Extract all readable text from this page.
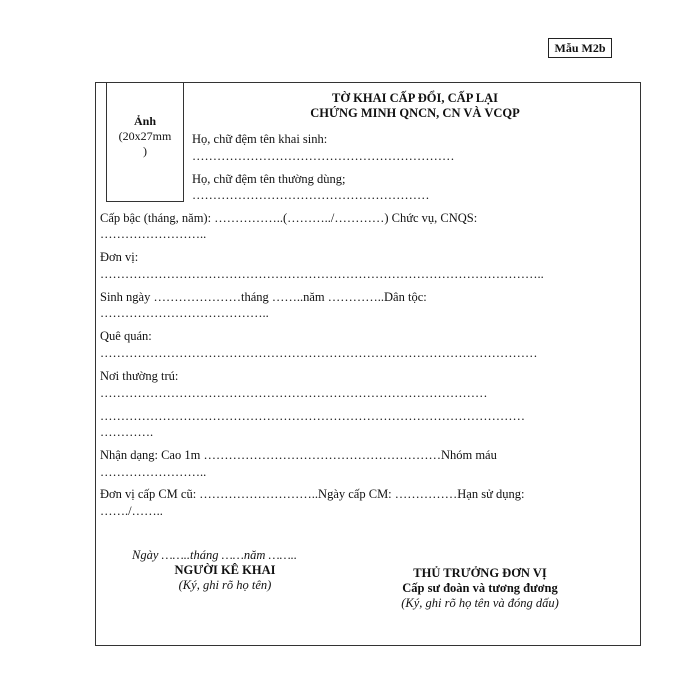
Mẫu M2b
Ảnh
(20x27mm
)
TỜ KHAI CẤP ĐỔI, CẤP LẠI
CHỨNG MINH QNCN, CN VÀ VCQP
Họ, chữ đệm tên khai sinh:
………………………………………………………
Họ, chữ đệm tên thường dùng;
…………………………………………………
Cấp bậc (tháng, năm): ……………..(………../…………) Chức vụ, CNQS:
……………………..
Đơn vị:
……………………………………………………………………………………………..
Sinh ngày …………………tháng ……..năm …………..Dân tộc:
…………………………………..
Quê quán:
……………………………………………………………………………………………
Nơi thường trú:
…………………………………………………………………………………
…………………………………………………………………………………………
………….
Nhận dạng: Cao 1m …………………………………………………Nhóm máu
……………………..
Đơn vị cấp CM cũ: ………………………..Ngày cấp CM: ……………Hạn sử dụng:
……./……..
Ngày ……..tháng ……năm ……..
NGƯỜI KÊ KHAI
(Ký, ghi rõ họ tên)
THỦ TRƯỞNG ĐƠN VỊ
Cấp sư đoàn và tương đương
(Ký, ghi rõ họ tên và đóng dấu)
